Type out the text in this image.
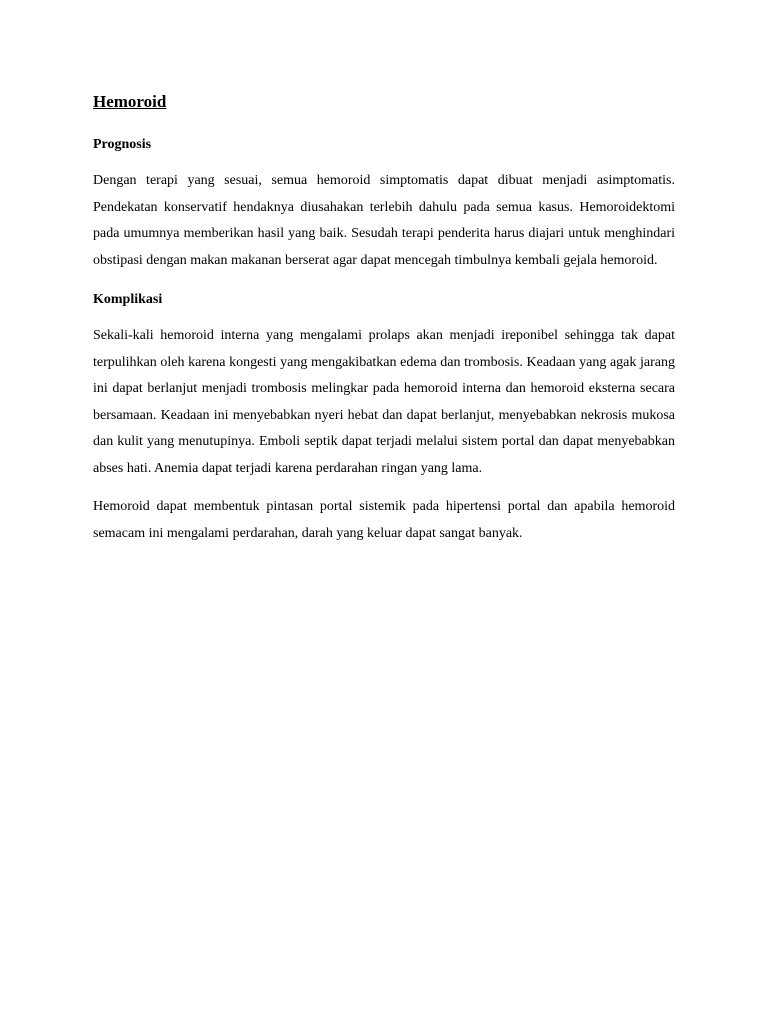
Hemoroid
Prognosis

Dengan terapi yang sesuai, semua hemoroid simptomatis dapat dibuat menjadi asimptomatis. Pendekatan konservatif hendaknya diusahakan terlebih dahulu pada semua kasus. Hemoroidektomi pada umumnya memberikan hasil yang baik. Sesudah terapi penderita harus diajari untuk menghindari obstipasi dengan makan makanan berserat agar dapat mencegah timbulnya kembali gejala hemoroid.

Komplikasi

Sekali-kali hemoroid interna yang mengalami prolaps akan menjadi ireponibel sehingga tak dapat terpulihkan oleh karena kongesti yang mengakibatkan edema dan trombosis. Keadaan yang agak jarang ini dapat berlanjut menjadi trombosis melingkar pada hemoroid interna dan hemoroid eksterna secara bersamaan. Keadaan ini menyebabkan nyeri hebat dan dapat berlanjut, menyebabkan nekrosis mukosa dan kulit yang menutupinya. Emboli septik dapat terjadi melalui sistem portal dan dapat menyebabkan abses hati. Anemia dapat terjadi karena perdarahan ringan yang lama.

Hemoroid dapat membentuk pintasan portal sistemik pada hipertensi portal dan apabila hemoroid semacam ini mengalami perdarahan, darah yang keluar dapat sangat banyak.
